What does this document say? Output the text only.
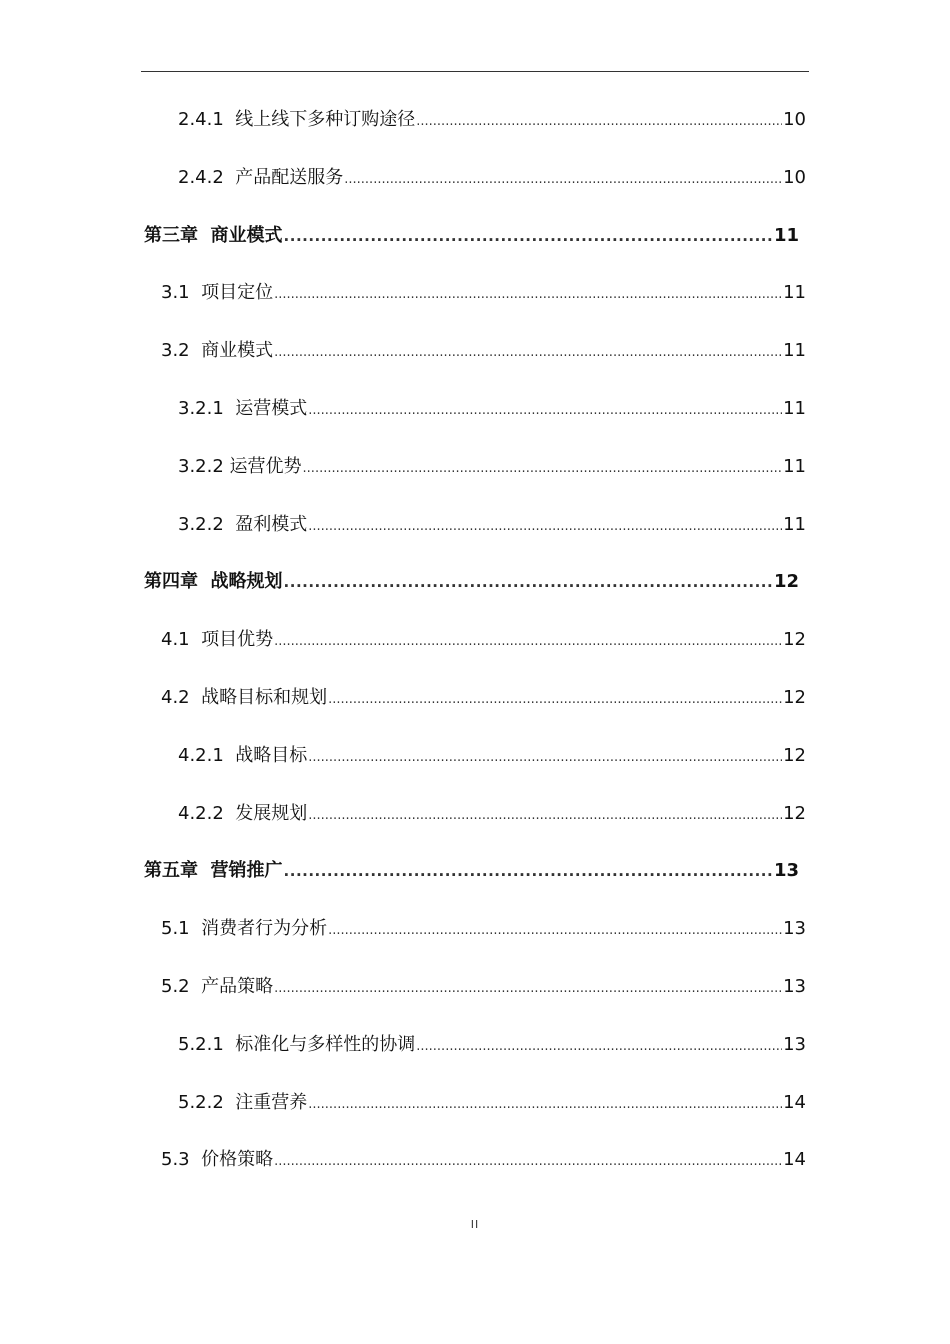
2.4.1 线上线下多种订购途径 .....	10
2.4.2 产品配送服务 .....	10
第三章 商业模式 .....	11
3.1 项目定位 .....	11
3.2 商业模式 .....	11
3.2.1 运营模式 .....	11
3.2.2 运营优势 .....	11
3.2.2 盈利模式 .....	11
第四章 战略规划 .....	12
4.1 项目优势 .....	12
4.2 战略目标和规划 .....	12
4.2.1 战略目标 .....	12
4.2.2 发展规划 .....	12
第五章 营销推广 .....	13
5.1 消费者行为分析 .....	13
5.2 产品策略 .....	13
5.2.1 标准化与多样性的协调 .....	13
5.2.2 注重营养 .....	14
5.3 价格策略 .....	14
II
